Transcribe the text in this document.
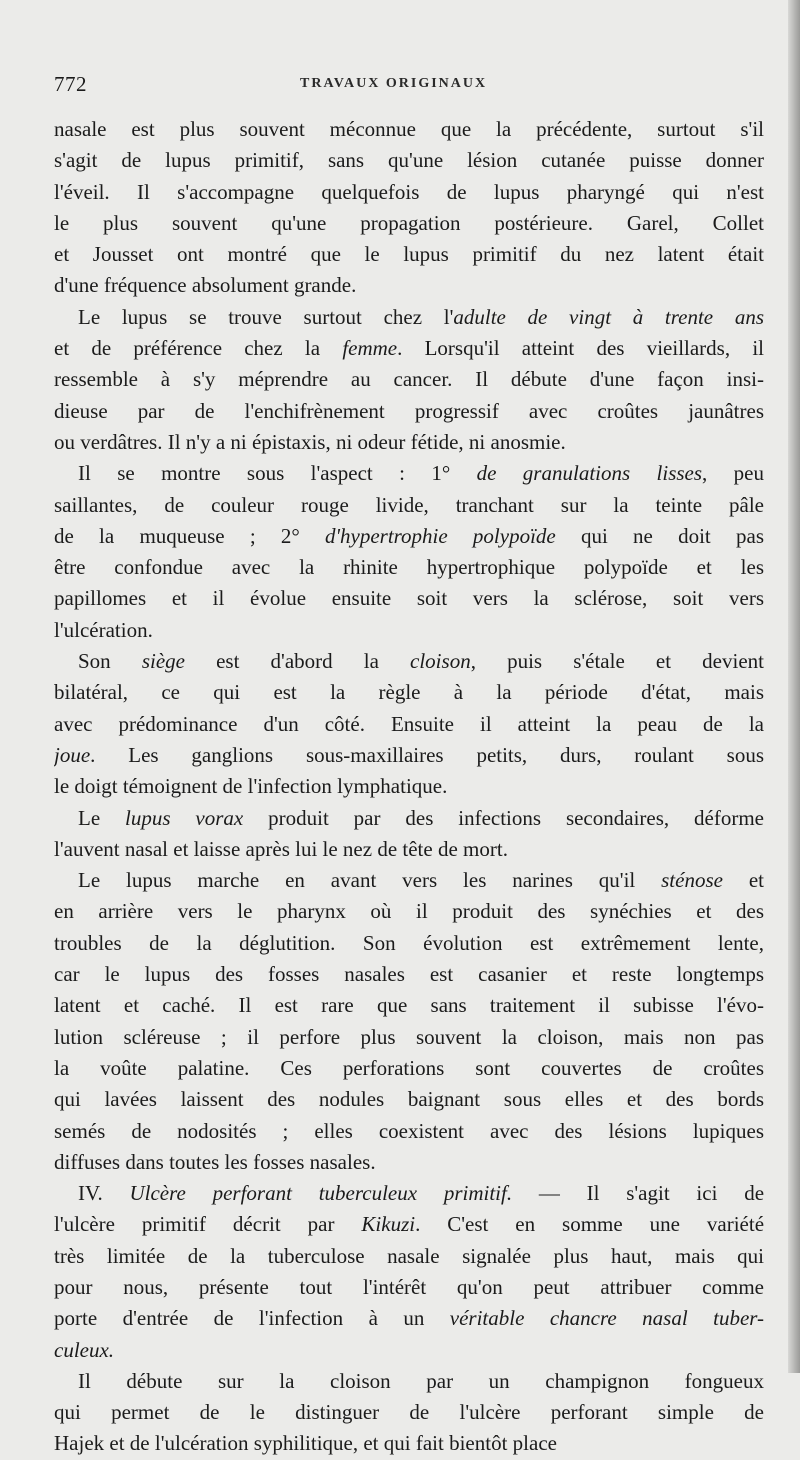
772	TRAVAUX ORIGINAUX
nasale est plus souvent méconnue que la précédente, surtout s'il
s'agit de lupus primitif, sans qu'une lésion cutanée puisse donner
l'éveil. Il s'accompagne quelquefois de lupus pharyngé qui n'est
le plus souvent qu'une propagation postérieure. Garel, Collet
et Jousset ont montré que le lupus primitif du nez latent était
d'une fréquence absolument grande.
Le lupus se trouve surtout chez l'adulte de vingt à trente ans
et de préférence chez la femme. Lorsqu'il atteint des vieillards, il
ressemble à s'y méprendre au cancer. Il débute d'une façon insi-
dieuse par de l'enchifrènement progressif avec croûtes jaunâtres
ou verdâtres. Il n'y a ni épistaxis, ni odeur fétide, ni anosmie.
Il se montre sous l'aspect : 1° de granulations lisses, peu
saillantes, de couleur rouge livide, tranchant sur la teinte pâle
de la muqueuse ; 2° d'hypertrophie polypoïde qui ne doit pas
être confondue avec la rhinite hypertrophique polypoïde et les
papillomes et il évolue ensuite soit vers la sclérose, soit vers
l'ulcération.
Son siège est d'abord la cloison, puis s'étale et devient
bilatéral, ce qui est la règle à la période d'état, mais
avec prédominance d'un côté. Ensuite il atteint la peau de la
joue. Les ganglions sous-maxillaires petits, durs, roulant sous
le doigt témoignent de l'infection lymphatique.
Le lupus vorax produit par des infections secondaires, déforme
l'auvent nasal et laisse après lui le nez de tête de mort.
Le lupus marche en avant vers les narines qu'il sténose et
en arrière vers le pharynx où il produit des synéchies et des
troubles de la déglutition. Son évolution est extrêmement lente,
car le lupus des fosses nasales est casanier et reste longtemps
latent et caché. Il est rare que sans traitement il subisse l'évo-
lution scléreuse ; il perfore plus souvent la cloison, mais non pas
la voûte palatine. Ces perforations sont couvertes de croûtes
qui lavées laissent des nodules baignant sous elles et des bords
semés de nodosités ; elles coexistent avec des lésions lupiques
diffuses dans toutes les fosses nasales.
IV. Ulcère perforant tuberculeux primitif. — Il s'agit ici de
l'ulcère primitif décrit par Kikuzi. C'est en somme une variété
très limitée de la tuberculose nasale signalée plus haut, mais qui
pour nous, présente tout l'intérêt qu'on peut attribuer comme
porte d'entrée de l'infection à un véritable chancre nasal tuber-
culeux.
Il débute sur la cloison par un champignon fongueux
qui permet de le distinguer de l'ulcère perforant simple de
Hajek et de l'ulcération syphilitique, et qui fait bientôt place
